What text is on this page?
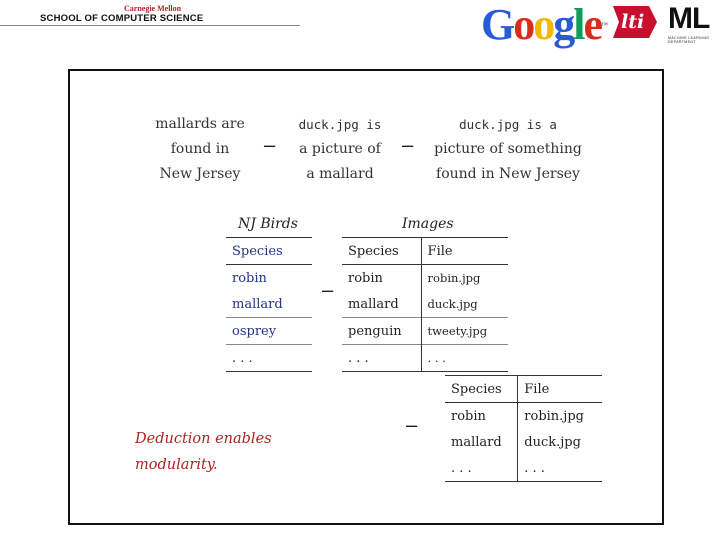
Carnegie Mellon
SCHOOL OF COMPUTER SCIENCE	Google™ lti ML
MACHINE LEARNING DEPARTMENT
mallards are
found in
New Jersey
−
duck.jpg is
a picture of
a mallard
−
duck.jpg is a
picture of something
found in New Jersey
NJ Birds
Species
robin
mallard
osprey
. . .
−
Images
Species	File
robin	robin.jpg
mallard	duck.jpg
penguin	tweety.jpg
. . .	. . .
−
Species	File
robin	robin.jpg
mallard	duck.jpg
. . .	. . .
Deduction enables
modularity.
